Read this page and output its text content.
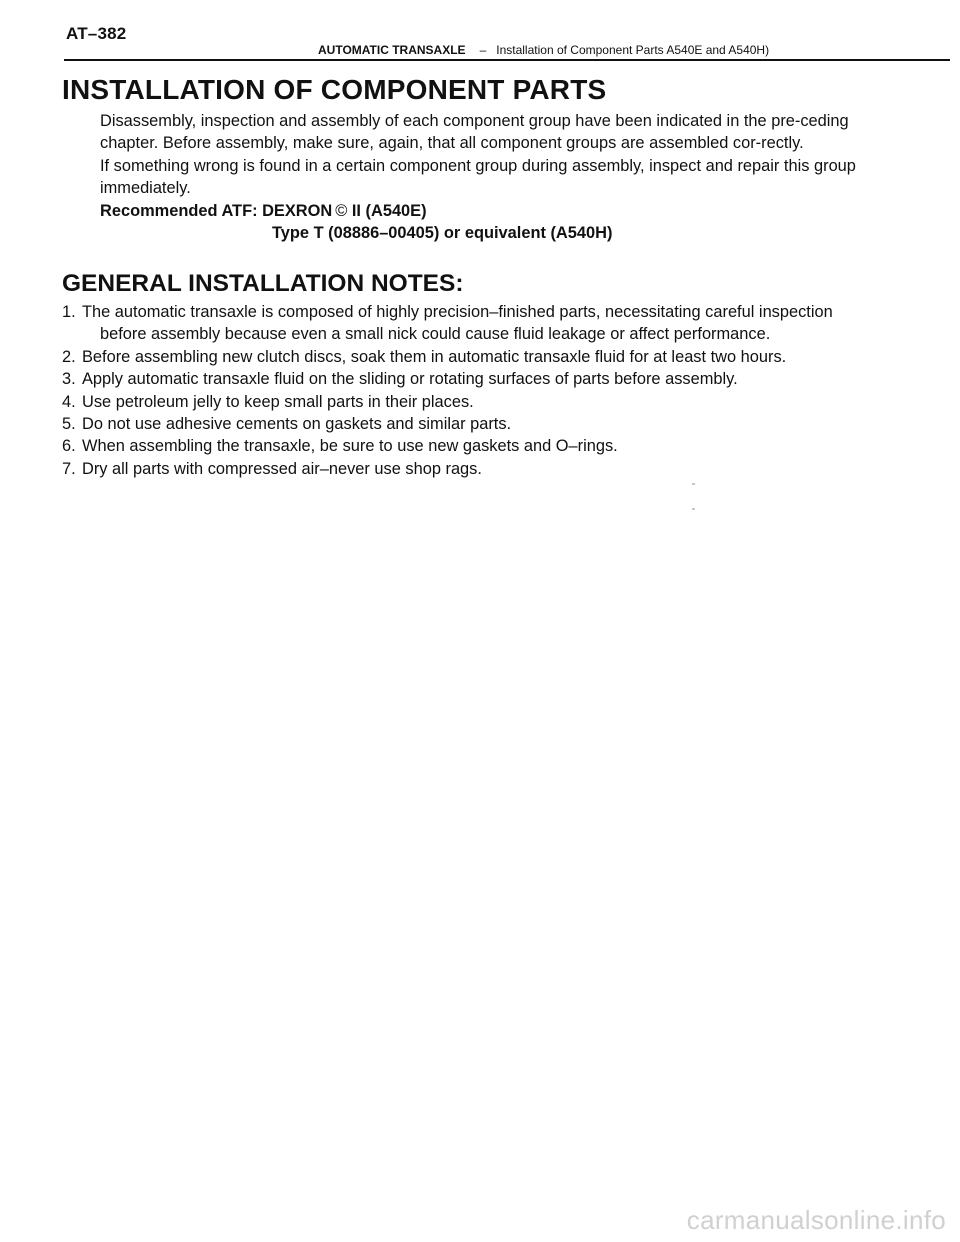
AT–382
AUTOMATIC TRANSAXLE – Installation of Component Parts A540E and A540H)
INSTALLATION OF COMPONENT PARTS

Disassembly, inspection and assembly of each component group have been indicated in the pre-ceding chapter. Before assembly, make sure, again, that all component groups are assembled cor-rectly.

If something wrong is found in a certain component group during assembly, inspect and repair this group immediately.

Recommended ATF: DEXRON © II (A540E)

Type T (08886–00405) or equivalent (A540H)

GENERAL INSTALLATION NOTES:
1. The automatic transaxle is composed of highly precision–finished parts, necessitating careful inspection before assembly because even a small nick could cause fluid leakage or affect performance.
2. Before assembling new clutch discs, soak them in automatic transaxle fluid for at least two hours.
3. Apply automatic transaxle fluid on the sliding or rotating surfaces of parts before assembly.
4. Use petroleum jelly to keep small parts in their places.
5. Do not use adhesive cements on gaskets and similar parts.
6. When assembling the transaxle, be sure to use new gaskets and O–rings.
7. Dry all parts with compressed air–never use shop rags.
carmanualsonline.info
